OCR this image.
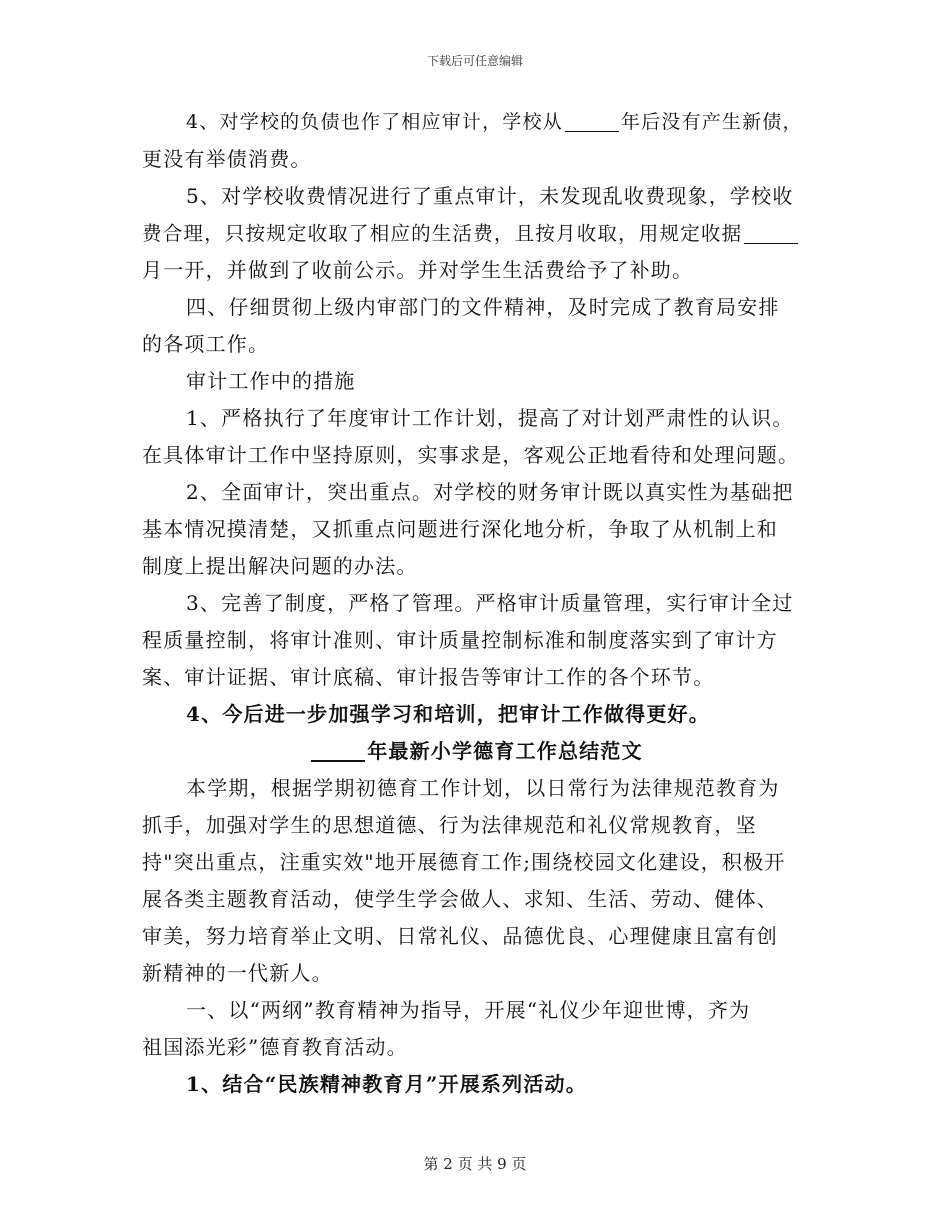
下载后可任意编辑
4、对学校的负债也作了相应审计，学校从	年后没有产生新债，
更没有举债消费。
5、对学校收费情况进行了重点审计，未发现乱收费现象，学校收
费合理，只按规定收取了相应的生活费，且按月收取，用规定收据
月一开，并做到了收前公示。并对学生生活费给予了补助。
四、仔细贯彻上级内审部门的文件精神，及时完成了教育局安排
的各项工作。
审计工作中的措施
1、严格执行了年度审计工作计划，提高了对计划严肃性的认识。
在具体审计工作中坚持原则，实事求是，客观公正地看待和处理问题。
2、全面审计，突出重点。对学校的财务审计既以真实性为基础把
基本情况摸清楚，又抓重点问题进行深化地分析，争取了从机制上和
制度上提出解决问题的办法。
3、完善了制度，严格了管理。严格审计质量管理，实行审计全过
程质量控制，将审计准则、审计质量控制标准和制度落实到了审计方
案、审计证据、审计底稿、审计报告等审计工作的各个环节。
4、今后进一步加强学习和培训，把审计工作做得更好。
年最新小学德育工作总结范文
本学期，根据学期初德育工作计划，以日常行为法律规范教育为
抓手，加强对学生的思想道德、行为法律规范和礼仪常规教育，坚
持"突出重点，注重实效"地开展德育工作;围绕校园文化建设，积极开
展各类主题教育活动，使学生学会做人、求知、生活、劳动、健体、
审美，努力培育举止文明、日常礼仪、品德优良、心理健康且富有创
新精神的一代新人。
一、以“两纲”教育精神为指导，开展“礼仪少年迎世博，齐为
祖国添光彩”德育教育活动。
1、结合“民族精神教育月”开展系列活动。
第 2 页 共 9 页
